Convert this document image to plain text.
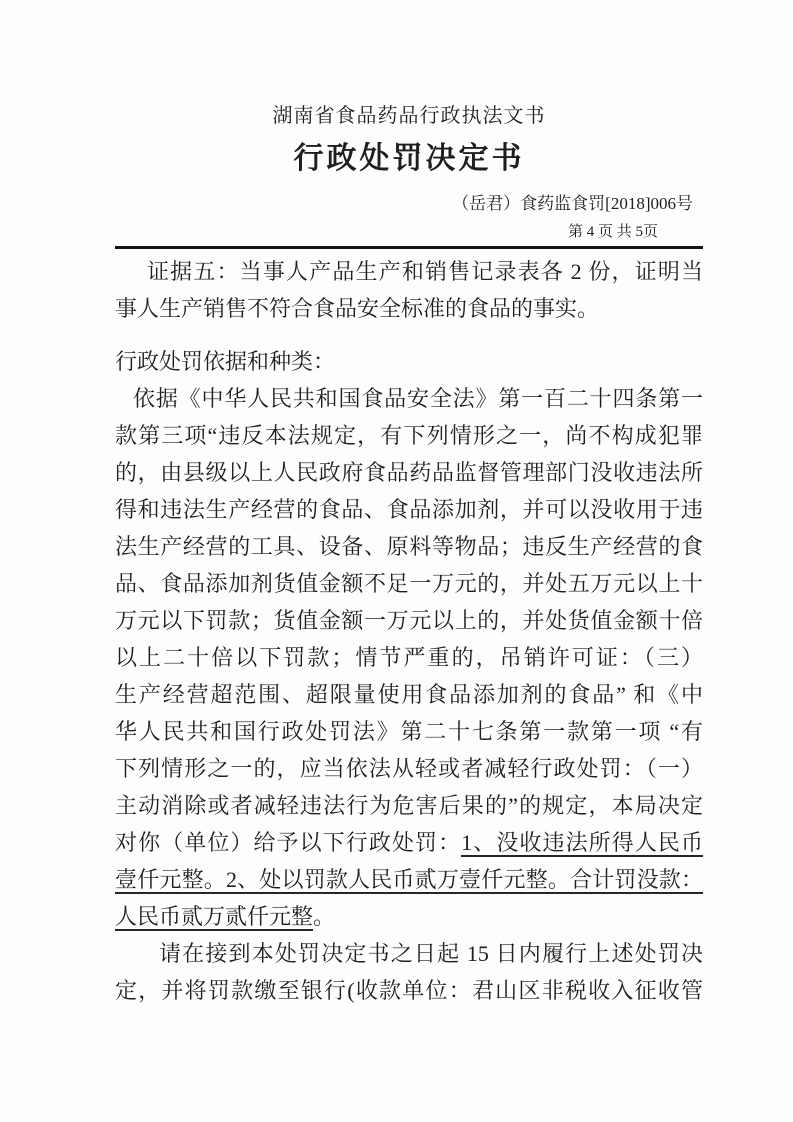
湖南省食品药品行政执法文书
行政处罚决定书
（岳君）食药监食罚[2018]006号
第 4 页 共 5页
证据五：当事人产品生产和销售记录表各 2 份，证明当
事人生产销售不符合食品安全标准的食品的事实。
行政处罚依据和种类：
依据《中华人民共和国食品安全法》第一百二十四条第一
款第三项“违反本法规定，有下列情形之一，尚不构成犯罪
的，由县级以上人民政府食品药品监督管理部门没收违法所
得和违法生产经营的食品、食品添加剂，并可以没收用于违
法生产经营的工具、设备、原料等物品；违反生产经营的食
品、食品添加剂货值金额不足一万元的，并处五万元以上十
万元以下罚款；货值金额一万元以上的，并处货值金额十倍
以上二十倍以下罚款；情节严重的，吊销许可证：（三）
生产经营超范围、超限量使用食品添加剂的食品” 和《中
华人民共和国行政处罚法》第二十七条第一款第一项 “有
下列情形之一的，应当依法从轻或者减轻行政处罚：（一）
主动消除或者减轻违法行为危害后果的”的规定，本局决定
对你（单位）给予以下行政处罚：1、没收违法所得人民币
壹仟元整。2、处以罚款人民币贰万壹仟元整。合计罚没款：
人民币贰万贰仟元整。
请在接到本处罚决定书之日起 15 日内履行上述处罚决
定，并将罚款缴至银行(收款单位：君山区非税收入征收管
